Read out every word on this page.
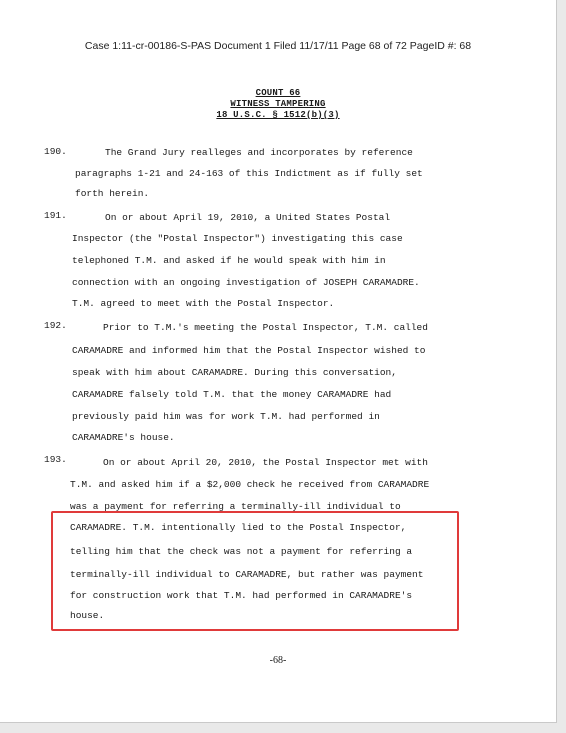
Case 1:11-cr-00186-S-PAS Document 1 Filed 11/17/11 Page 68 of 72 PageID #: 68
COUNT 66
WITNESS TAMPERING
18 U.S.C. § 1512(b)(3)
190.	The Grand Jury realleges and incorporates by reference
paragraphs 1-21 and 24-163 of this Indictment as if fully set
forth herein.
191.	On or about April 19, 2010, a United States Postal
Inspector (the "Postal Inspector") investigating this case
telephoned T.M. and asked if he would speak with him in
connection with an ongoing investigation of JOSEPH CARAMADRE.
T.M. agreed to meet with the Postal Inspector.
192.	Prior to T.M.'s meeting the Postal Inspector, T.M. called
CARAMADRE and informed him that the Postal Inspector wished to
speak with him about CARAMADRE. During this conversation,
CARAMADRE falsely told T.M. that the money CARAMADRE had
previously paid him was for work T.M. had performed in
CARAMADRE's house.
193.	On or about April 20, 2010, the Postal Inspector met with
T.M. and asked him if a $2,000 check he received from CARAMADRE
was a payment for referring a terminally-ill individual to
CARAMADRE. T.M. intentionally lied to the Postal Inspector,
telling him that the check was not a payment for referring a
terminally-ill individual to CARAMADRE, but rather was payment
for construction work that T.M. had performed in CARAMADRE's
house.
-68-
